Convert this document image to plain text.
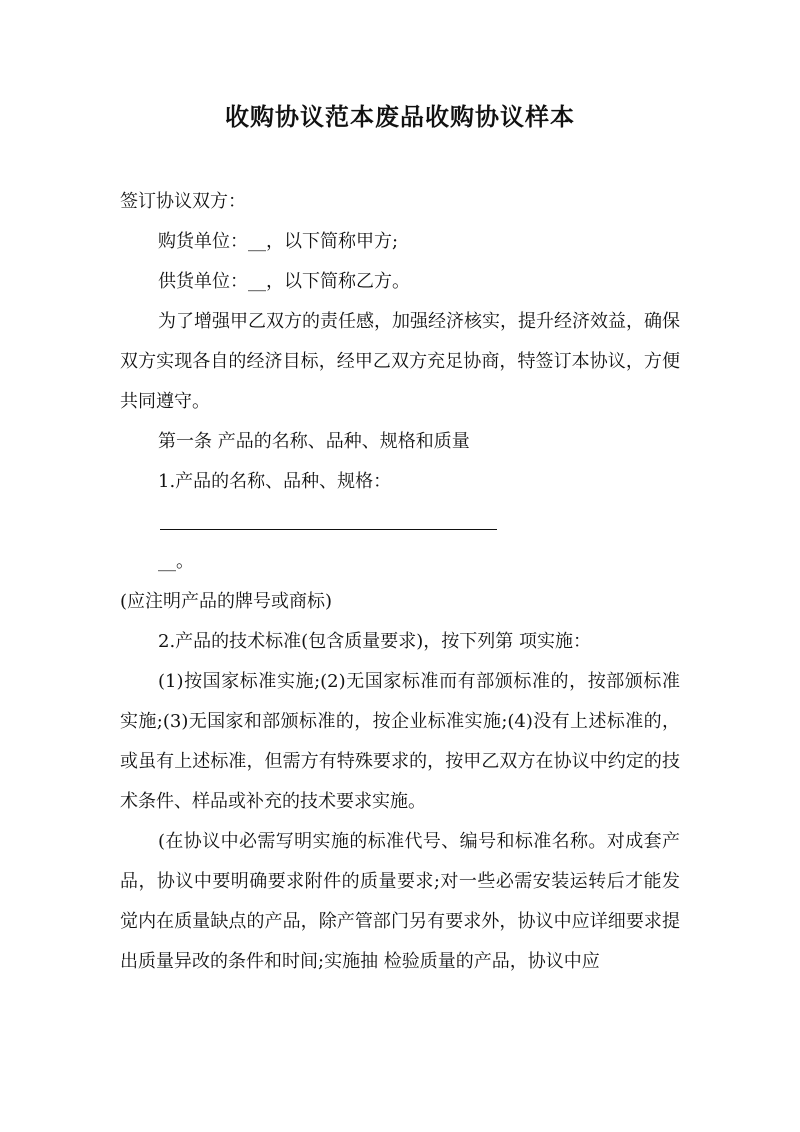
收购协议范本废品收购协议样本

签订协议双方：

购货单位：__，以下简称甲方;

供货单位：__，以下简称乙方。

为了增强甲乙双方的责任感，加强经济核实，提升经济效益，确保双方实现各自的经济目标，经甲乙双方充足协商，特签订本协议，方便共同遵守。

第一条 产品的名称、品种、规格和质量

1.产品的名称、品种、规格：

__。

(应注明产品的牌号或商标)

2.产品的技术标准(包含质量要求)，按下列第 项实施：

(1)按国家标准实施;(2)无国家标准而有部颁标准的，按部颁标准实施;(3)无国家和部颁标准的，按企业标准实施;(4)没有上述标准的，或虽有上述标准，但需方有特殊要求的，按甲乙双方在协议中约定的技术条件、样品或补充的技术要求实施。

(在协议中必需写明实施的标准代号、编号和标准名称。对成套产品，协议中要明确要求附件的质量要求;对一些必需安装运转后才能发觉内在质量缺点的产品，除产管部门另有要求外，协议中应详细要求提出质量异改的条件和时间;实施抽 检验质量的产品，协议中应
